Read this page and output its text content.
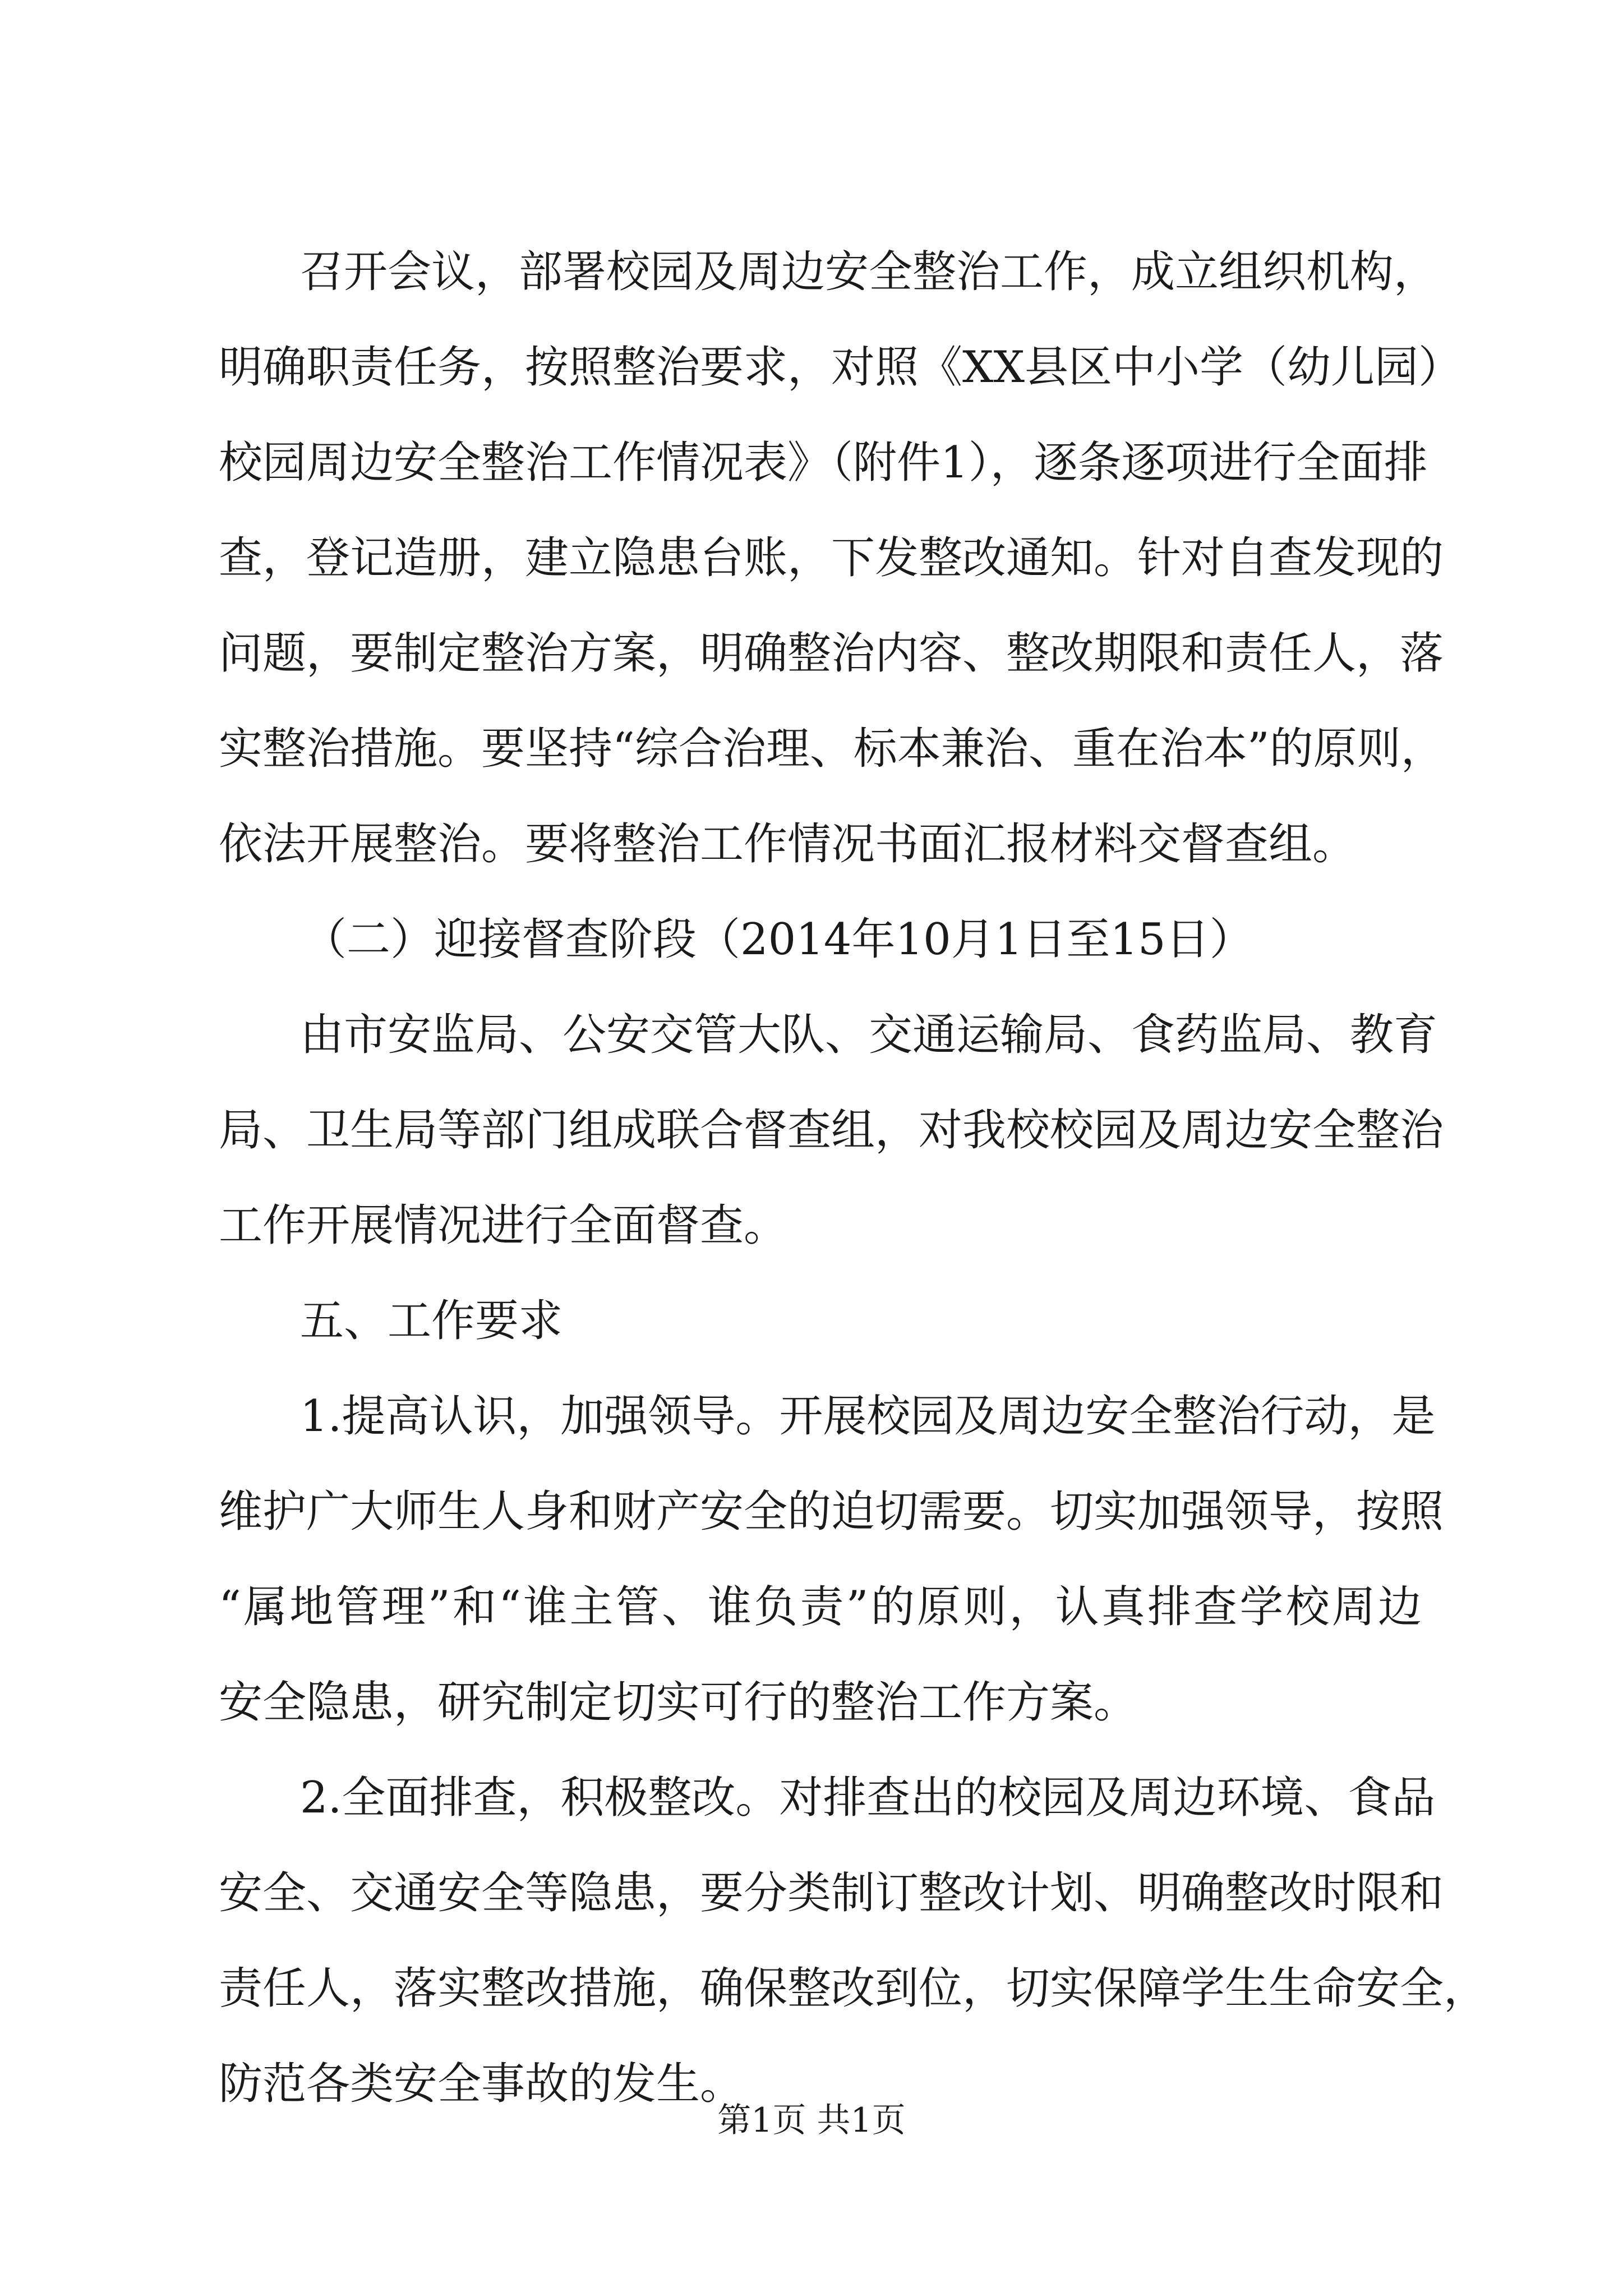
召开会议，部署校园及周边安全整治工作，成立组织机构，
明确职责任务，按照整治要求，对照《XX县区中小学（幼儿园）
校园周边安全整治工作情况表》（附件1），逐条逐项进行全面排
查，登记造册，建立隐患台账，下发整改通知。针对自查发现的
问题，要制定整治方案，明确整治内容、整改期限和责任人，落
实整治措施。要坚持“综合治理、标本兼治、重在治本”的原则，
依法开展整治。要将整治工作情况书面汇报材料交督查组。
（二）迎接督查阶段（2014年10月1日至15日）
由市安监局、公安交管大队、交通运输局、食药监局、教育
局、卫生局等部门组成联合督查组，对我校校园及周边安全整治
工作开展情况进行全面督查。
五、工作要求
1.提高认识，加强领导。开展校园及周边安全整治行动，是
维护广大师生人身和财产安全的迫切需要。切实加强领导，按照
“属地管理”和“谁主管、谁负责”的原则，认真排查学校周边
安全隐患，研究制定切实可行的整治工作方案。
2.全面排查，积极整改。对排查出的校园及周边环境、食品
安全、交通安全等隐患，要分类制订整改计划、明确整改时限和
责任人，落实整改措施，确保整改到位，切实保障学生生命安全，
防范各类安全事故的发生。
第1页 共1页
